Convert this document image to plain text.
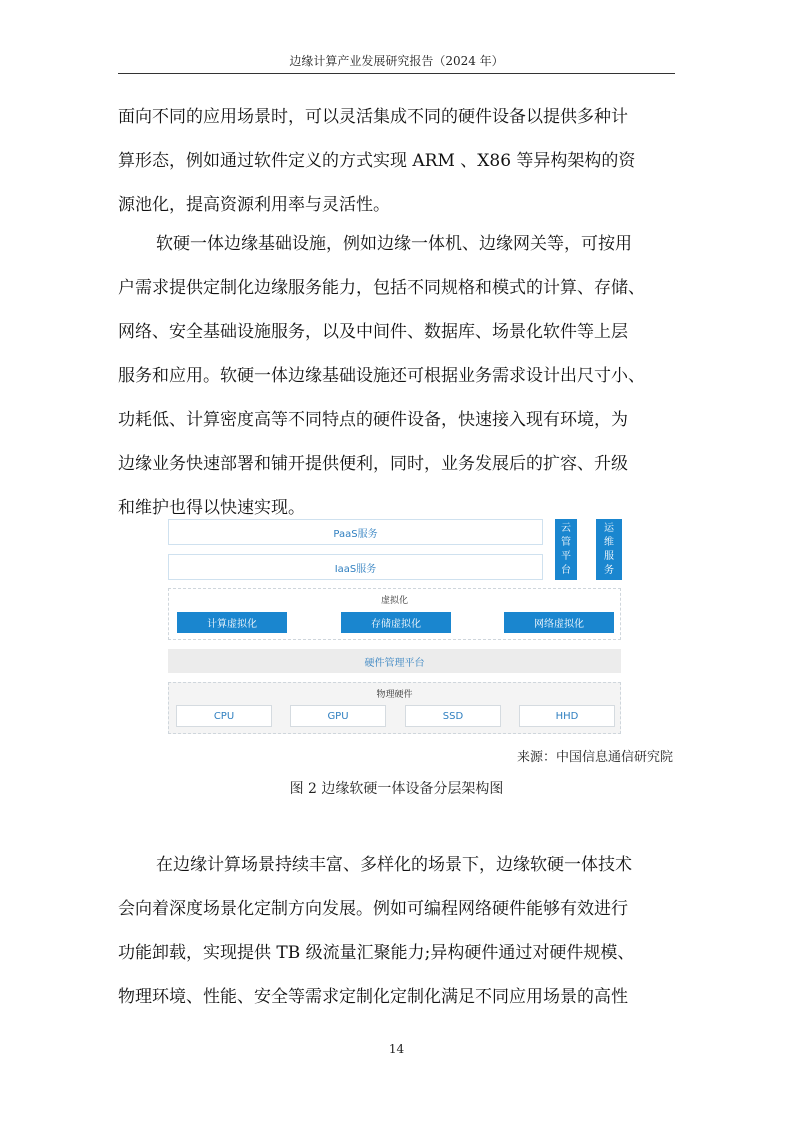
边缘计算产业发展研究报告（2024 年）
面向不同的应用场景时，可以灵活集成不同的硬件设备以提供多种计
算形态，例如通过软件定义的方式实现 ARM 、X86 等异构架构的资
源池化，提高资源利用率与灵活性。
软硬一体边缘基础设施，例如边缘一体机、边缘网关等，可按用
户需求提供定制化边缘服务能力，包括不同规格和模式的计算、存储、
网络、安全基础设施服务，以及中间件、数据库、场景化软件等上层
服务和应用。软硬一体边缘基础设施还可根据业务需求设计出尺寸小、
功耗低、计算密度高等不同特点的硬件设备，快速接入现有环境，为
边缘业务快速部署和铺开提供便利，同时，业务发展后的扩容、升级
和维护也得以快速实现。
PaaS服务
IaaS服务
云
管
平
台
运
维
服
务
虚拟化
计算虚拟化	存储虚拟化	网络虚拟化
硬件管理平台
物理硬件
CPU	GPU	SSD	HHD
来源：中国信息通信研究院
图 2 边缘软硬一体设备分层架构图
在边缘计算场景持续丰富、多样化的场景下，边缘软硬一体技术
会向着深度场景化定制方向发展。例如可编程网络硬件能够有效进行
功能卸载，实现提供 TB 级流量汇聚能力;异构硬件通过对硬件规模、
物理环境、性能、安全等需求定制化定制化满足不同应用场景的高性
14
